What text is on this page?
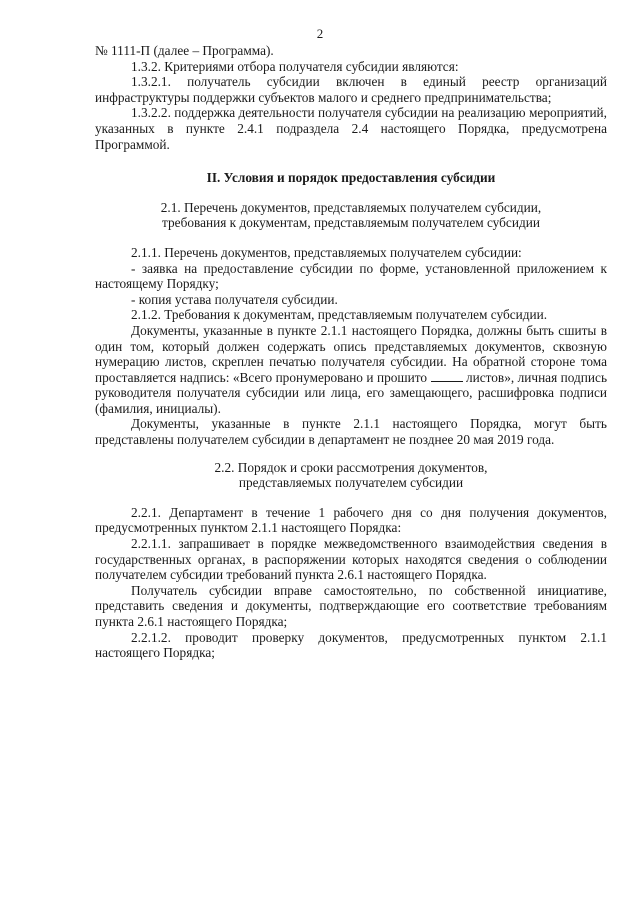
2

№ 1111-П (далее – Программа).

1.3.2. Критериями отбора получателя субсидии являются:

1.3.2.1. получатель субсидии включен в единый реестр организаций инфраструктуры поддержки субъектов малого и среднего предпринимательства;

1.3.2.2. поддержка деятельности получателя субсидии на реализацию мероприятий, указанных в пункте 2.4.1 подраздела 2.4 настоящего Порядка, предусмотрена Программой.

II. Условия и порядок предоставления субсидии

2.1. Перечень документов, представляемых получателем субсидии,
требования к документам, представляемым получателем субсидии

2.1.1. Перечень документов, представляемых получателем субсидии:

- заявка на предоставление субсидии по форме, установленной приложением к настоящему Порядку;

- копия устава получателя субсидии.

2.1.2. Требования к документам, представляемым получателем субсидии.

Документы, указанные в пункте 2.1.1 настоящего Порядка, должны быть сшиты в один том, который должен содержать опись представляемых документов, сквозную нумерацию листов, скреплен печатью получателя субсидии. На обратной стороне тома проставляется надпись: «Всего пронумеровано и прошито	листов», личная подпись руководителя получателя субсидии или лица, его замещающего, расшифровка подписи (фамилия, инициалы).

Документы, указанные в пункте 2.1.1 настоящего Порядка, могут быть представлены получателем субсидии в департамент не позднее 20 мая 2019 года.

2.2. Порядок и сроки рассмотрения документов,
представляемых получателем субсидии

2.2.1. Департамент в течение 1 рабочего дня со дня получения документов, предусмотренных пунктом 2.1.1 настоящего Порядка:

2.2.1.1. запрашивает в порядке межведомственного взаимодействия сведения в государственных органах, в распоряжении которых находятся сведения о соблюдении получателем субсидии требований пункта 2.6.1 настоящего Порядка.

Получатель субсидии вправе самостоятельно, по собственной инициативе, представить сведения и документы, подтверждающие его соответствие требованиям пункта 2.6.1 настоящего Порядка;

2.2.1.2. проводит проверку документов, предусмотренных пунктом 2.1.1 настоящего Порядка;
